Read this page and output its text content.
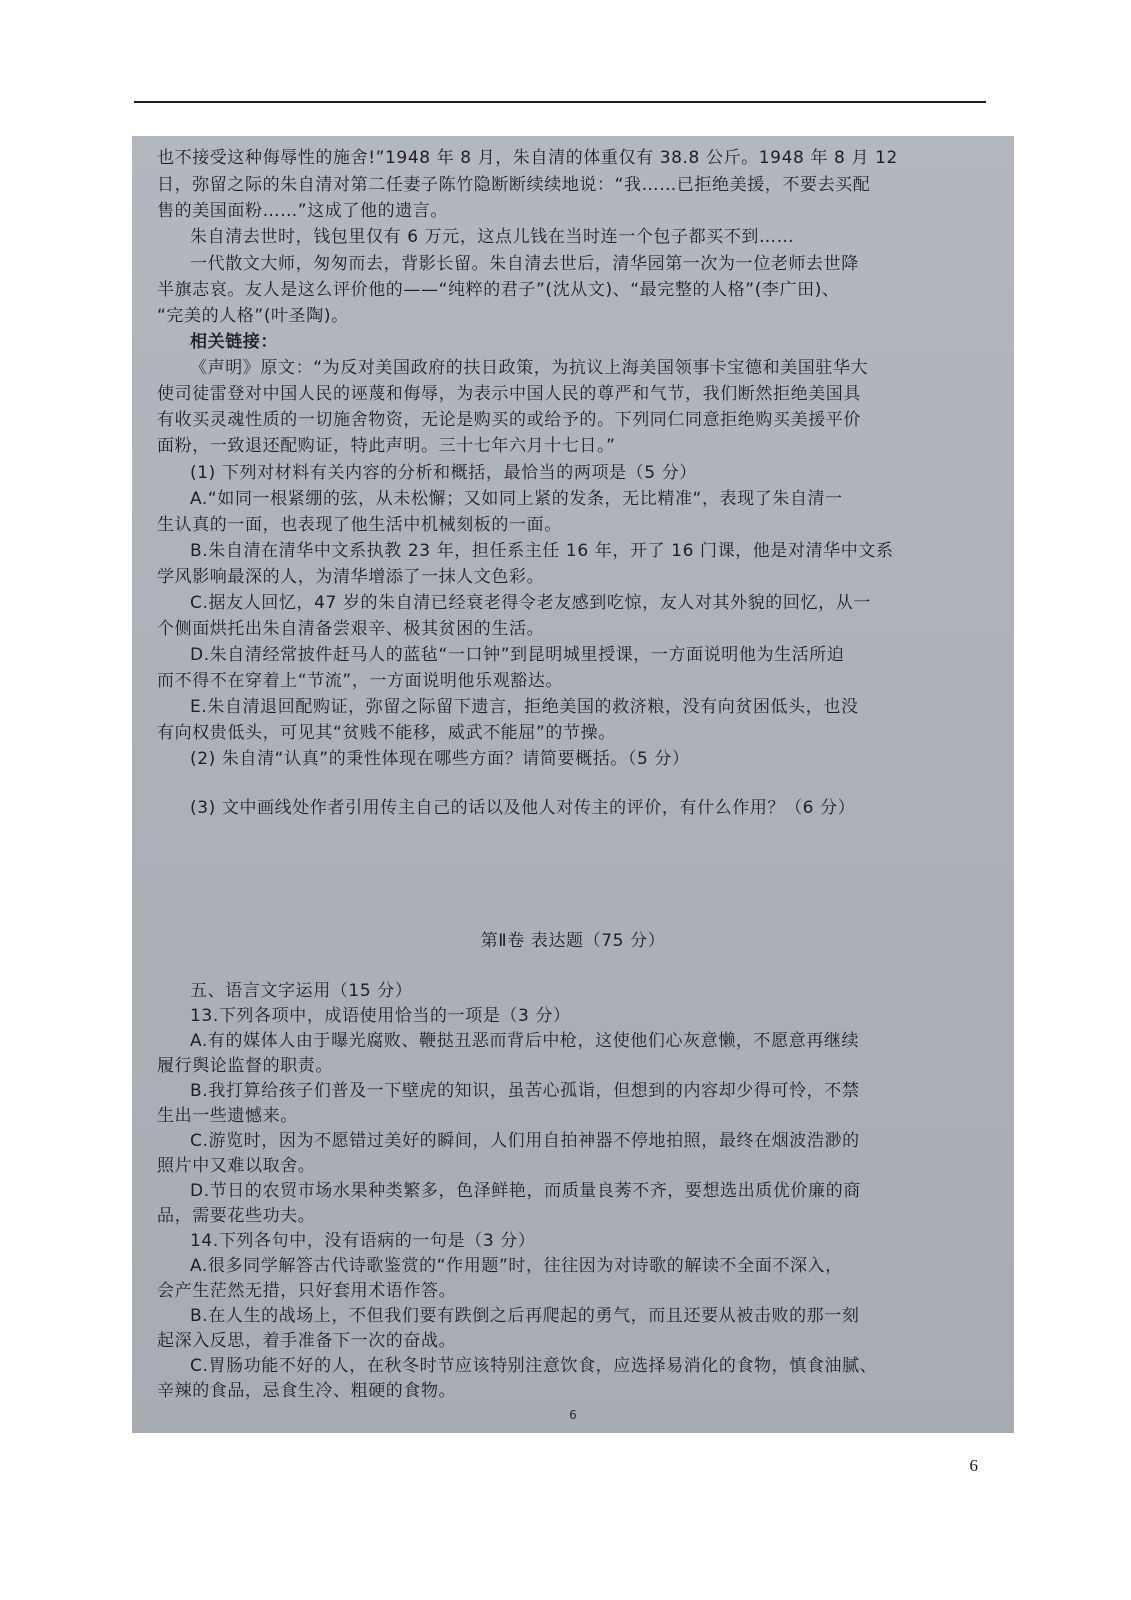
也不接受这种侮辱性的施舍!”1948 年 8 月，朱自清的体重仅有 38.8 公斤。1948 年 8 月 12
日，弥留之际的朱自清对第二任妻子陈竹隐断断续续地说：“我……已拒绝美援，不要去买配
售的美国面粉……”这成了他的遗言。
朱自清去世时，钱包里仅有 6 万元，这点儿钱在当时连一个包子都买不到……
一代散文大师，匆匆而去，背影长留。朱自清去世后，清华园第一次为一位老师去世降
半旗志哀。友人是这么评价他的——“纯粹的君子”(沈从文)、“最完整的人格”(李广田)、
“完美的人格”(叶圣陶)。
相关链接：
《声明》原文：“为反对美国政府的扶日政策，为抗议上海美国领事卡宝德和美国驻华大
使司徒雷登对中国人民的诬蔑和侮辱，为表示中国人民的尊严和气节，我们断然拒绝美国具
有收买灵魂性质的一切施舍物资，无论是购买的或给予的。下列同仁同意拒绝购买美援平价
面粉，一致退还配购证，特此声明。三十七年六月十七日。”
(1) 下列对材料有关内容的分析和概括，最恰当的两项是（5 分）
A.“如同一根紧绷的弦，从未松懈；又如同上紧的发条，无比精准“，表现了朱自清一
生认真的一面，也表现了他生活中机械刻板的一面。
B.朱自清在清华中文系执教 23 年，担任系主任 16 年，开了 16 门课，他是对清华中文系
学风影响最深的人，为清华增添了一抹人文色彩。
C.据友人回忆，47 岁的朱自清已经衰老得令老友感到吃惊，友人对其外貌的回忆，从一
个侧面烘托出朱自清备尝艰辛、极其贫困的生活。
D.朱自清经常披件赶马人的蓝毡“一口钟”到昆明城里授课，一方面说明他为生活所迫
而不得不在穿着上“节流”，一方面说明他乐观豁达。
E.朱自清退回配购证，弥留之际留下遗言，拒绝美国的救济粮，没有向贫困低头，也没
有向权贵低头，可见其“贫贱不能移，威武不能屈”的节操。
(2) 朱自清“认真”的秉性体现在哪些方面？请简要概括。（5 分）
(3) 文中画线处作者引用传主自己的话以及他人对传主的评价，有什么作用？（6 分）
第Ⅱ卷 表达题（75 分）
五、语言文字运用（15 分）
13.下列各项中，成语使用恰当的一项是（3 分）
A.有的媒体人由于曝光腐败、鞭挞丑恶而背后中枪，这使他们心灰意懒，不愿意再继续
履行舆论监督的职责。
B.我打算给孩子们普及一下壁虎的知识，虽苦心孤诣，但想到的内容却少得可怜，不禁
生出一些遗憾来。
C.游览时，因为不愿错过美好的瞬间，人们用自拍神器不停地拍照，最终在烟波浩渺的
照片中又难以取舍。
D.节日的农贸市场水果种类繁多，色泽鲜艳，而质量良莠不齐，要想选出质优价廉的商
品，需要花些功夫。
14.下列各句中，没有语病的一句是（3 分）
A.很多同学解答古代诗歌鉴赏的“作用题”时，往往因为对诗歌的解读不全面不深入，
会产生茫然无措，只好套用术语作答。
B.在人生的战场上，不但我们要有跌倒之后再爬起的勇气，而且还要从被击败的那一刻
起深入反思，着手准备下一次的奋战。
C.胃肠功能不好的人，在秋冬时节应该特别注意饮食，应选择易消化的食物，慎食油腻、
辛辣的食品，忌食生冷、粗硬的食物。
6
6
